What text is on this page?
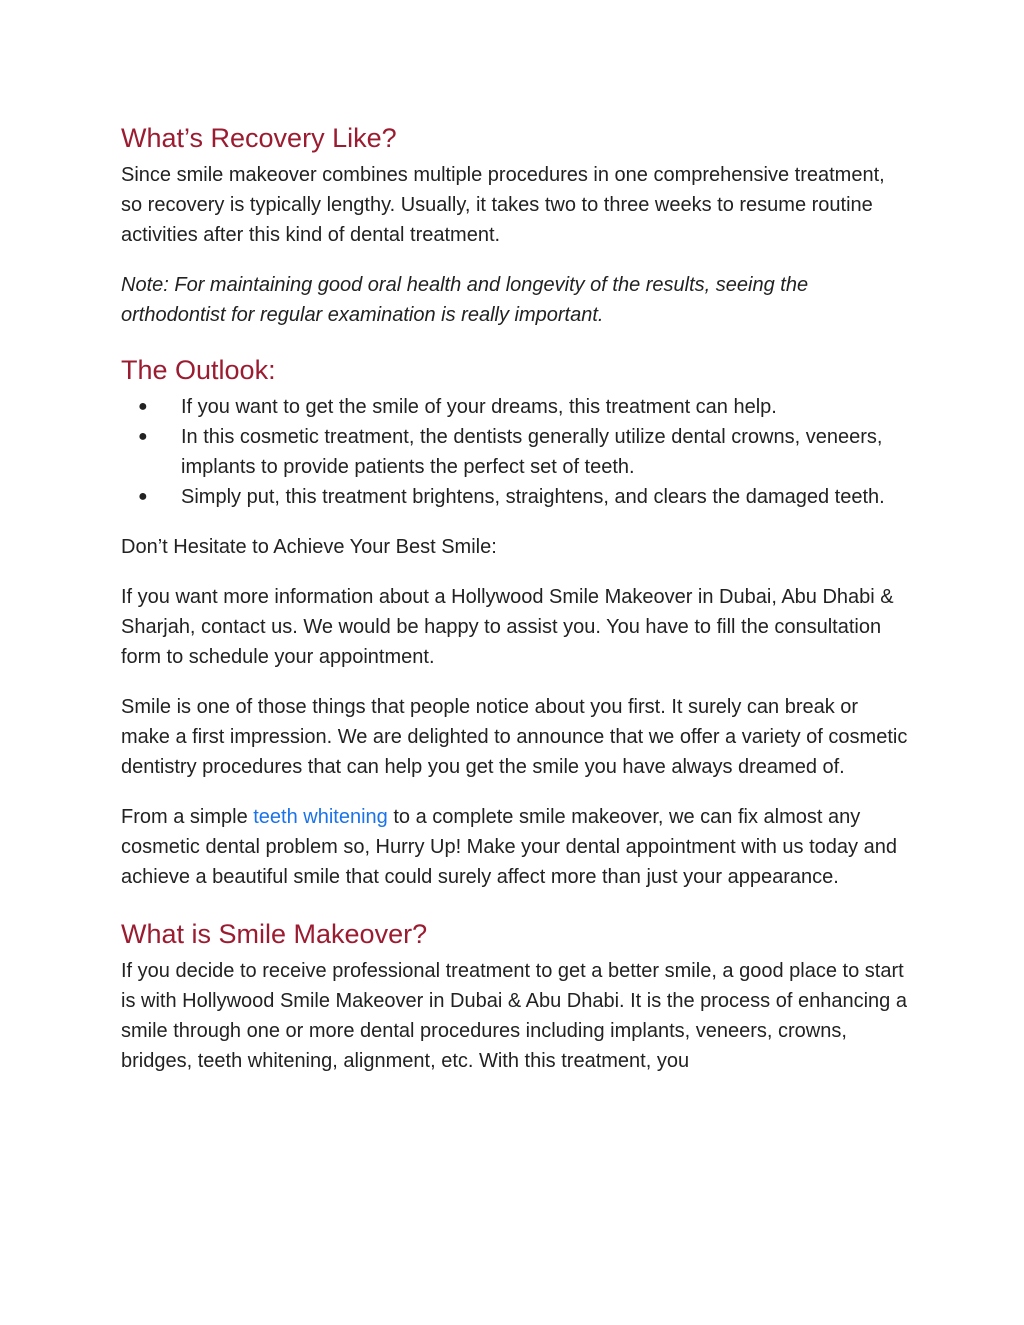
What’s Recovery Like?

Since smile makeover combines multiple procedures in one comprehensive treatment, so recovery is typically lengthy. Usually, it takes two to three weeks to resume routine activities after this kind of dental treatment.

Note: For maintaining good oral health and longevity of the results, seeing the orthodontist for regular examination is really important.

The Outlook:
● If you want to get the smile of your dreams, this treatment can help.
● In this cosmetic treatment, the dentists generally utilize dental crowns, veneers, implants to provide patients the perfect set of teeth.
● Simply put, this treatment brightens, straightens, and clears the damaged teeth.

Don’t Hesitate to Achieve Your Best Smile:

If you want more information about a Hollywood Smile Makeover in Dubai, Abu Dhabi & Sharjah, contact us. We would be happy to assist you. You have to fill the consultation form to schedule your appointment.

Smile is one of those things that people notice about you first. It surely can break or make a first impression. We are delighted to announce that we offer a variety of cosmetic dentistry procedures that can help you get the smile you have always dreamed of.

From a simple teeth whitening to a complete smile makeover, we can fix almost any cosmetic dental problem so, Hurry Up! Make your dental appointment with us today and achieve a beautiful smile that could surely affect more than just your appearance.

What is Smile Makeover?

If you decide to receive professional treatment to get a better smile, a good place to start is with Hollywood Smile Makeover in Dubai & Abu Dhabi. It is the process of enhancing a smile through one or more dental procedures including implants, veneers, crowns, bridges, teeth whitening, alignment, etc. With this treatment, you
